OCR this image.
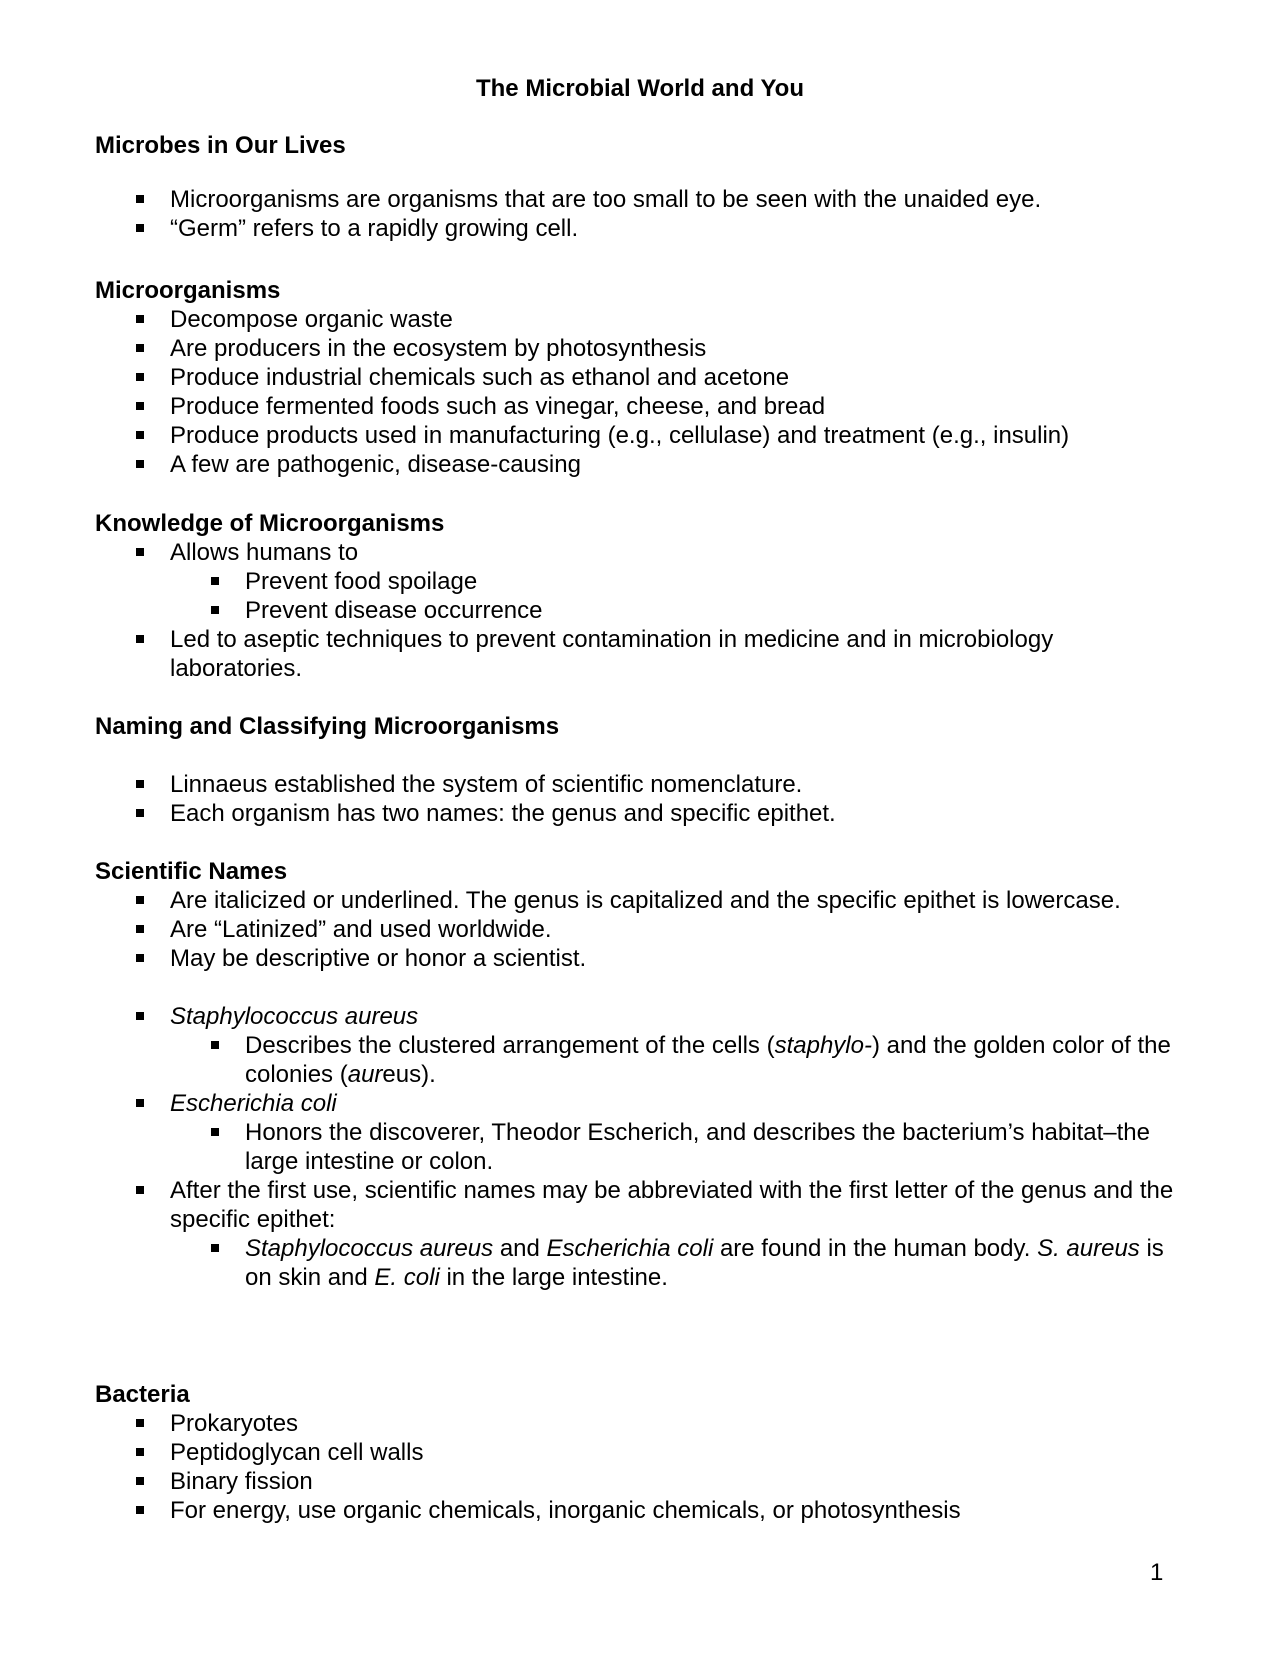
The Microbial World and You
Microbes in Our Lives
Microorganisms are organisms that are too small to be seen with the unaided eye.
“Germ” refers to a rapidly growing cell.
Microorganisms
Decompose organic waste
Are producers in the ecosystem by photosynthesis
Produce industrial chemicals such as ethanol and acetone
Produce fermented foods such as vinegar, cheese, and bread
Produce products used in manufacturing (e.g., cellulase) and treatment (e.g., insulin)
A few are pathogenic, disease-causing
Knowledge of Microorganisms
Allows humans to
Prevent food spoilage
Prevent disease occurrence
Led to aseptic techniques to prevent contamination in medicine and in microbiology laboratories.
Naming and Classifying Microorganisms
Linnaeus established the system of scientific nomenclature.
Each organism has two names: the genus and specific epithet.
Scientific Names
Are italicized or underlined. The genus is capitalized and the specific epithet is lowercase.
Are “Latinized” and used worldwide.
May be descriptive or honor a scientist.
Staphylococcus aureus
Describes the clustered arrangement of the cells (staphylo-) and the golden color of the colonies (aureus).
Escherichia coli
Honors the discoverer, Theodor Escherich, and describes the bacterium’s habitat–the large intestine or colon.
After the first use, scientific names may be abbreviated with the first letter of the genus and the specific epithet:
Staphylococcus aureus and Escherichia coli are found in the human body. S. aureus is on skin and E. coli in the large intestine.
Bacteria
Prokaryotes
Peptidoglycan cell walls
Binary fission
For energy, use organic chemicals, inorganic chemicals, or photosynthesis
1
